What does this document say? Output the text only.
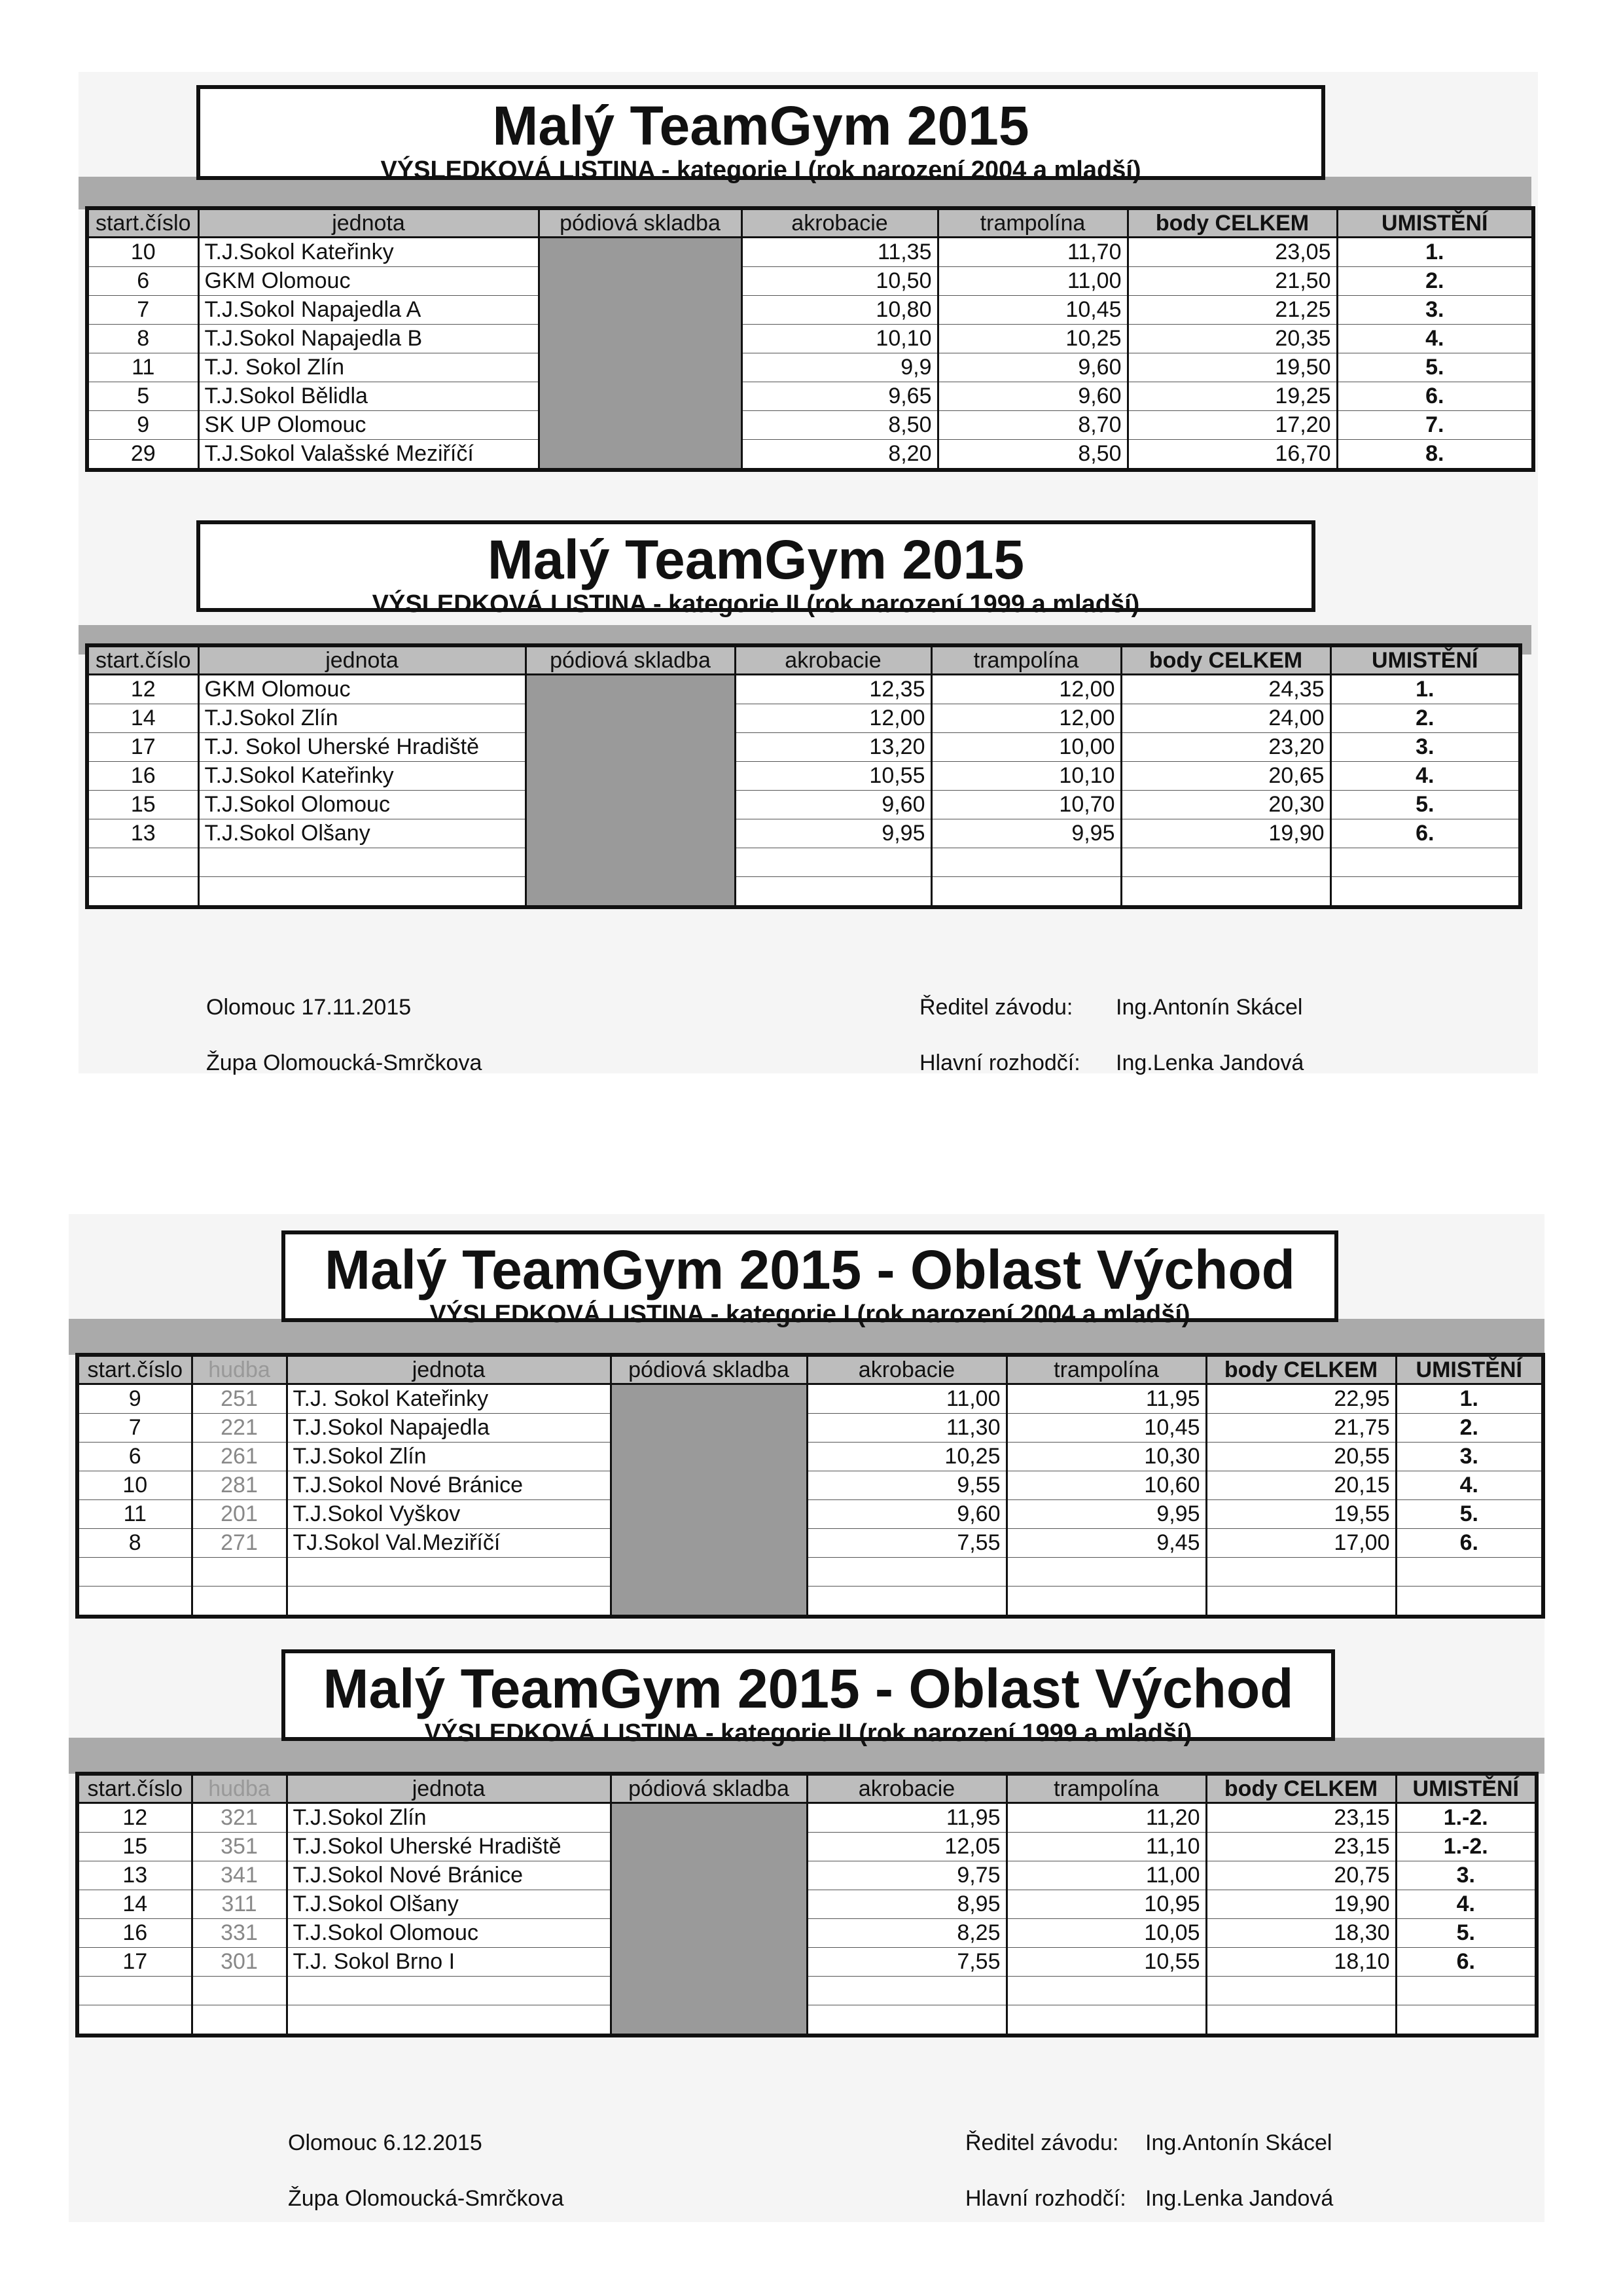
Malý TeamGym 2015
VÝSLEDKOVÁ LISTINA - kategorie I (rok narození 2004 a mladší)
start.číslo	jednota	pódiová skladba	akrobacie	trampolína	body CELKEM	UMISTĚNÍ
10	T.J.Sokol Kateřinky		11,35	11,70	23,05	1.
6	GKM Olomouc		10,50	11,00	21,50	2.
7	T.J.Sokol Napajedla A		10,80	10,45	21,25	3.
8	T.J.Sokol Napajedla B		10,10	10,25	20,35	4.
11	T.J. Sokol Zlín		9,9	9,60	19,50	5.
5	T.J.Sokol Bělidla		9,65	9,60	19,25	6.
9	SK UP Olomouc		8,50	8,70	17,20	7.
29	T.J.Sokol Valašské Meziříčí		8,20	8,50	16,70	8.
Malý TeamGym 2015
VÝSLEDKOVÁ LISTINA - kategorie II (rok narození 1999 a mladší)
start.číslo	jednota	pódiová skladba	akrobacie	trampolína	body CELKEM	UMISTĚNÍ
12	GKM Olomouc		12,35	12,00	24,35	1.
14	T.J.Sokol Zlín		12,00	12,00	24,00	2.
17	T.J. Sokol Uherské Hradiště		13,20	10,00	23,20	3.
16	T.J.Sokol Kateřinky		10,55	10,10	20,65	4.
15	T.J.Sokol Olomouc		9,60	10,70	20,30	5.
13	T.J.Sokol Olšany		9,95	9,95	19,90	6.

Olomouc 17.11.2015
Župa Olomoucká-Smrčkova
Ředitel závodu: Ing.Antonín Skácel
Hlavní rozhodčí: Ing.Lenka Jandová
Malý TeamGym 2015 - Oblast Východ
VÝSLEDKOVÁ LISTINA - kategorie I (rok narození 2004 a mladší)
start.číslo	hudba	jednota	pódiová skladba	akrobacie	trampolína	body CELKEM	UMISTĚNÍ
9	251	T.J. Sokol Kateřinky		11,00	11,95	22,95	1.
7	221	T.J.Sokol Napajedla		11,30	10,45	21,75	2.
6	261	T.J.Sokol Zlín		10,25	10,30	20,55	3.
10	281	T.J.Sokol Nové Bránice		9,55	10,60	20,15	4.
11	201	T.J.Sokol Vyškov		9,60	9,95	19,55	5.
8	271	TJ.Sokol Val.Meziříčí		7,55	9,45	17,00	6.

Malý TeamGym 2015 - Oblast Východ
VÝSLEDKOVÁ LISTINA - kategorie II (rok narození 1999 a mladší)
start.číslo	hudba	jednota	pódiová skladba	akrobacie	trampolína	body CELKEM	UMISTĚNÍ
12	321	T.J.Sokol Zlín		11,95	11,20	23,15	1.-2.
15	351	T.J.Sokol Uherské Hradiště		12,05	11,10	23,15	1.-2.
13	341	T.J.Sokol Nové Bránice		9,75	11,00	20,75	3.
14	311	T.J.Sokol Olšany		8,95	10,95	19,90	4.
16	331	T.J.Sokol Olomouc		8,25	10,05	18,30	5.
17	301	T.J. Sokol Brno I		7,55	10,55	18,10	6.

Olomouc 6.12.2015
Župa Olomoucká-Smrčkova
Ředitel závodu: Ing.Antonín Skácel
Hlavní rozhodčí: Ing.Lenka Jandová
